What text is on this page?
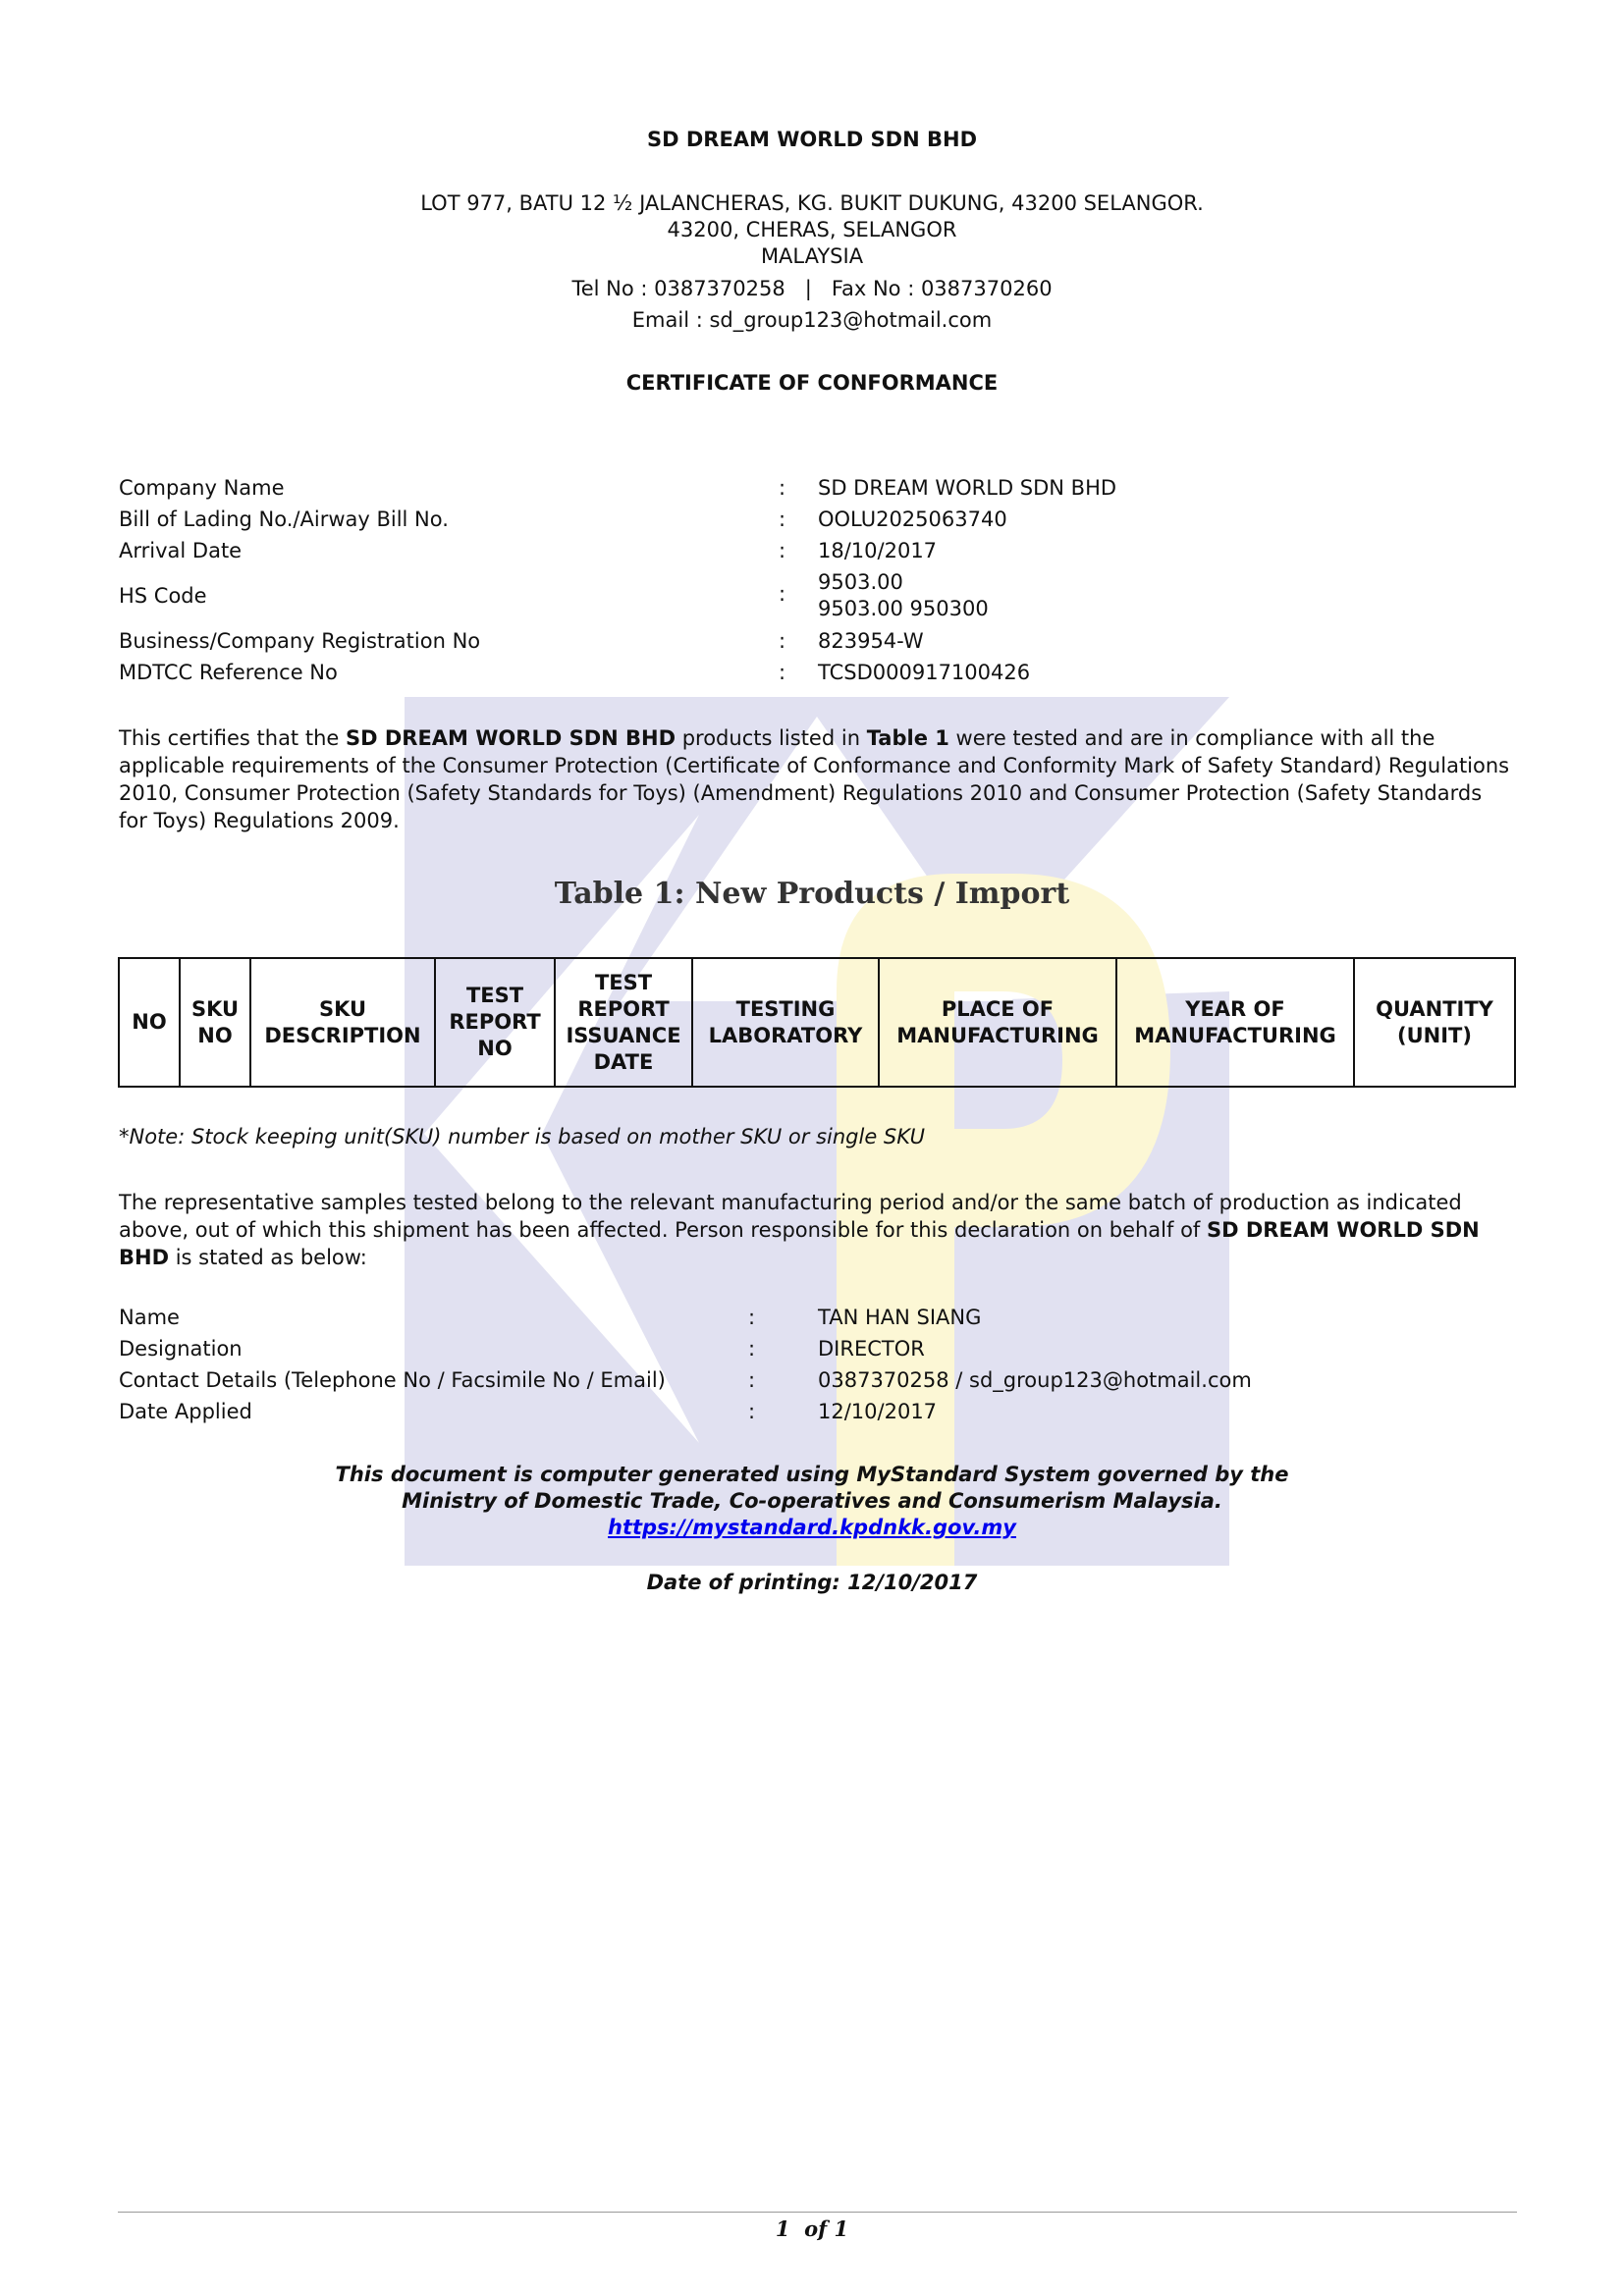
SD DREAM WORLD SDN BHD
LOT 977, BATU 12 ½ JALANCHERAS, KG. BUKIT DUKUNG, 43200 SELANGOR.
43200, CHERAS, SELANGOR
MALAYSIA
Tel No : 0387370258   |   Fax No : 0387370260
Email : sd_group123@hotmail.com
CERTIFICATE OF CONFORMANCE
Company Name	: SD DREAM WORLD SDN BHD
Bill of Lading No./Airway Bill No.	: OOLU2025063740
Arrival Date	: 18/10/2017
HS Code	: 9503.00
9503.00 950300
Business/Company Registration No	: 823954-W
MDTCC Reference No	: TCSD000917100426
This certifies that the SD DREAM WORLD SDN BHD products listed in Table 1 were tested and are in compliance with all the applicable requirements of the Consumer Protection (Certificate of Conformance and Conformity Mark of Safety Standard) Regulations 2010, Consumer Protection (Safety Standards for Toys) (Amendment) Regulations 2010 and Consumer Protection (Safety Standards for Toys) Regulations 2009.
Table 1: New Products / Import
NO	SKU NO	SKU DESCRIPTION	TEST REPORT NO	TEST REPORT ISSUANCE DATE	TESTING LABORATORY	PLACE OF MANUFACTURING	YEAR OF MANUFACTURING	QUANTITY (UNIT)
*Note: Stock keeping unit(SKU) number is based on mother SKU or single SKU
The representative samples tested belong to the relevant manufacturing period and/or the same batch of production as indicated above, out of which this shipment has been affected. Person responsible for this declaration on behalf of SD DREAM WORLD SDN BHD is stated as below:
Name	:	TAN HAN SIANG
Designation	:	DIRECTOR
Contact Details (Telephone No / Facsimile No / Email)	:	0387370258 / sd_group123@hotmail.com
Date Applied	:	12/10/2017
This document is computer generated using MyStandard System governed by the
Ministry of Domestic Trade, Co-operatives and Consumerism Malaysia.
https://mystandard.kpdnkk.gov.my
Date of printing: 12/10/2017
1  of 1
